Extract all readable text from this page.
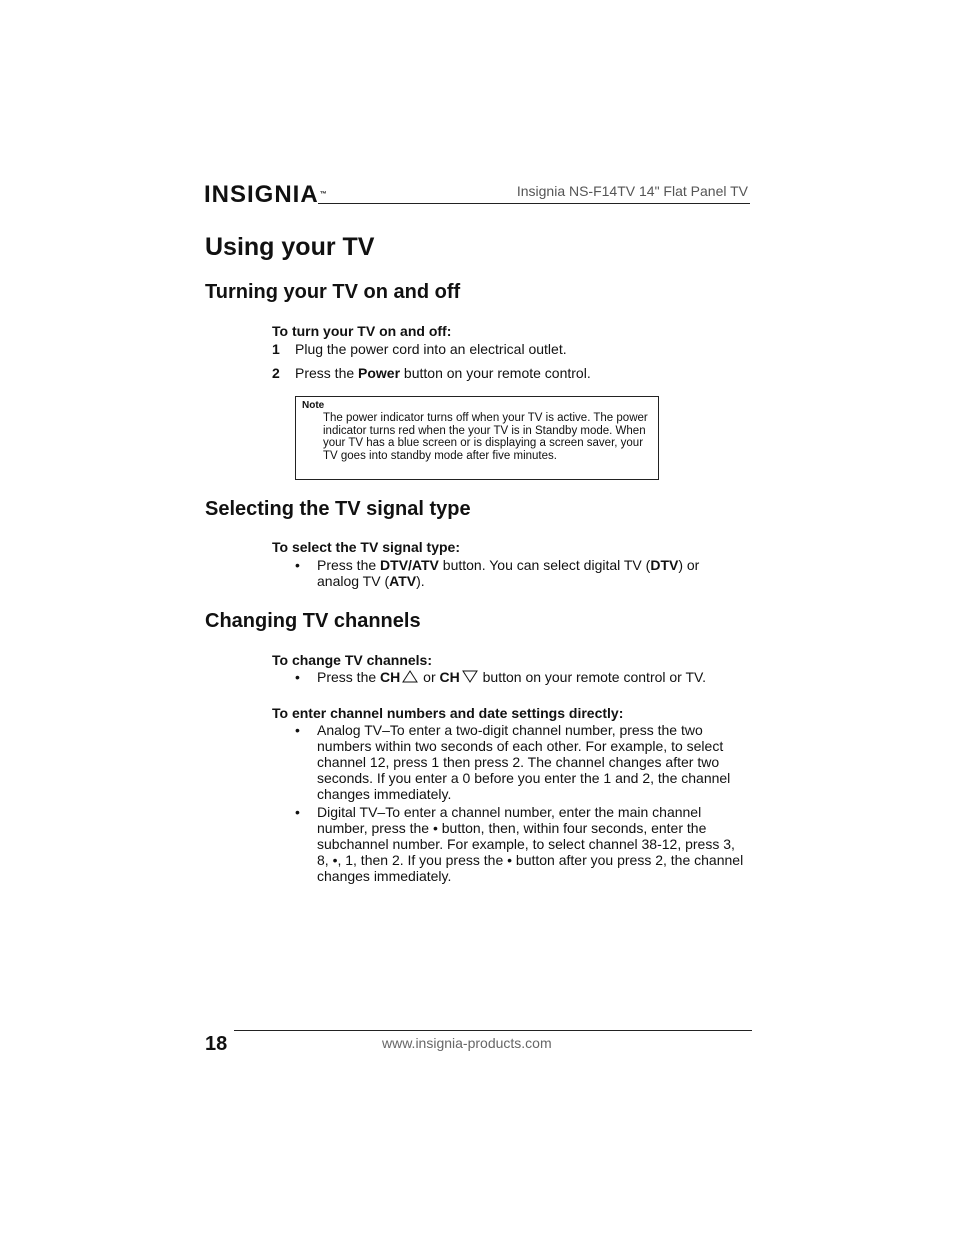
INSIGNIA™	Insignia NS-F14TV 14" Flat Panel TV
Using your TV
Turning your TV on and off
To turn your TV on and off:
1 Plug the power cord into an electrical outlet.
2 Press the Power button on your remote control.
Note
The power indicator turns off when your TV is active. The power indicator turns red when the your TV is in Standby mode. When your TV has a blue screen or is displaying a screen saver, your TV goes into standby mode after five minutes.
Selecting the TV signal type
To select the TV signal type:
• Press the DTV/ATV button. You can select digital TV (DTV) or analog TV (ATV).
Changing TV channels
To change TV channels:
• Press the CH or CH button on your remote control or TV.
To enter channel numbers and date settings directly:
• Analog TV–To enter a two-digit channel number, press the two numbers within two seconds of each other. For example, to select channel 12, press 1 then press 2. The channel changes after two seconds. If you enter a 0 before you enter the 1 and 2, the channel changes immediately.
• Digital TV–To enter a channel number, enter the main channel number, press the • button, then, within four seconds, enter the subchannel number. For example, to select channel 38-12, press 3, 8, •, 1, then 2. If you press the • button after you press 2, the channel changes immediately.
18	www.insignia-products.com
